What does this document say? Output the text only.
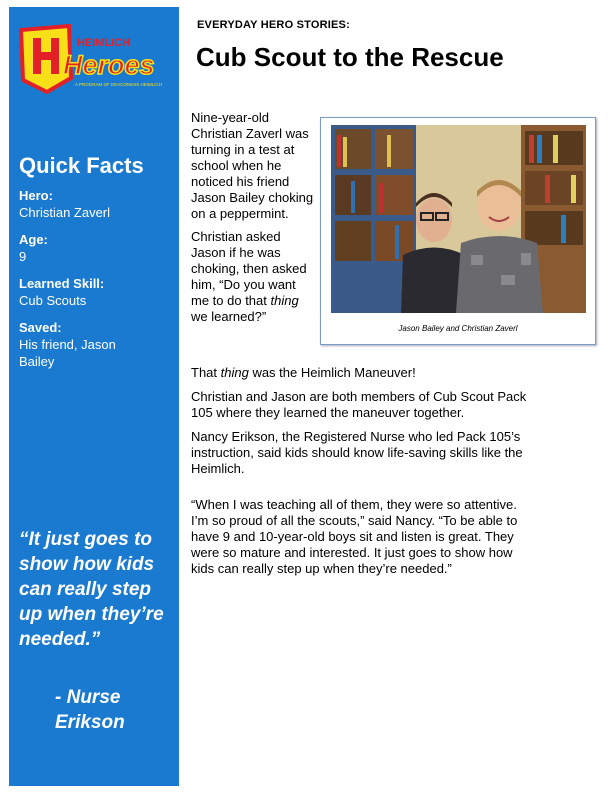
HEIMLICH
Heroes
A PROGRAM OF DEACONESS HEIMLICH
Quick Facts
Hero:
Christian Zaverl
Age:
9
Learned Skill:
Cub Scouts
Saved:
His friend, Jason Bailey
“It just goes to show how kids can really step up when they’re needed.”
- Nurse Erikson
EVERYDAY HERO STORIES:
Cub Scout to the Rescue

Nine-year-old Christian Zaverl was turning in a test at school when he noticed his friend Jason Bailey choking on a peppermint.

Christian asked Jason if he was choking, then asked him, “Do you want me to do that thing we learned?”

Jason Bailey and Christian Zaverl

That thing was the Heimlich Maneuver!

Christian and Jason are both members of Cub Scout Pack 105 where they learned the maneuver together.

Nancy Erikson, the Registered Nurse who led Pack 105’s instruction, said kids should know life-saving skills like the Heimlich.

“When I was teaching all of them, they were so attentive. I’m so proud of all the scouts,” said Nancy. “To be able to have 9 and 10-year-old boys sit and listen is great. They were so mature and interested. It just goes to show how kids can really step up when they’re needed.”
